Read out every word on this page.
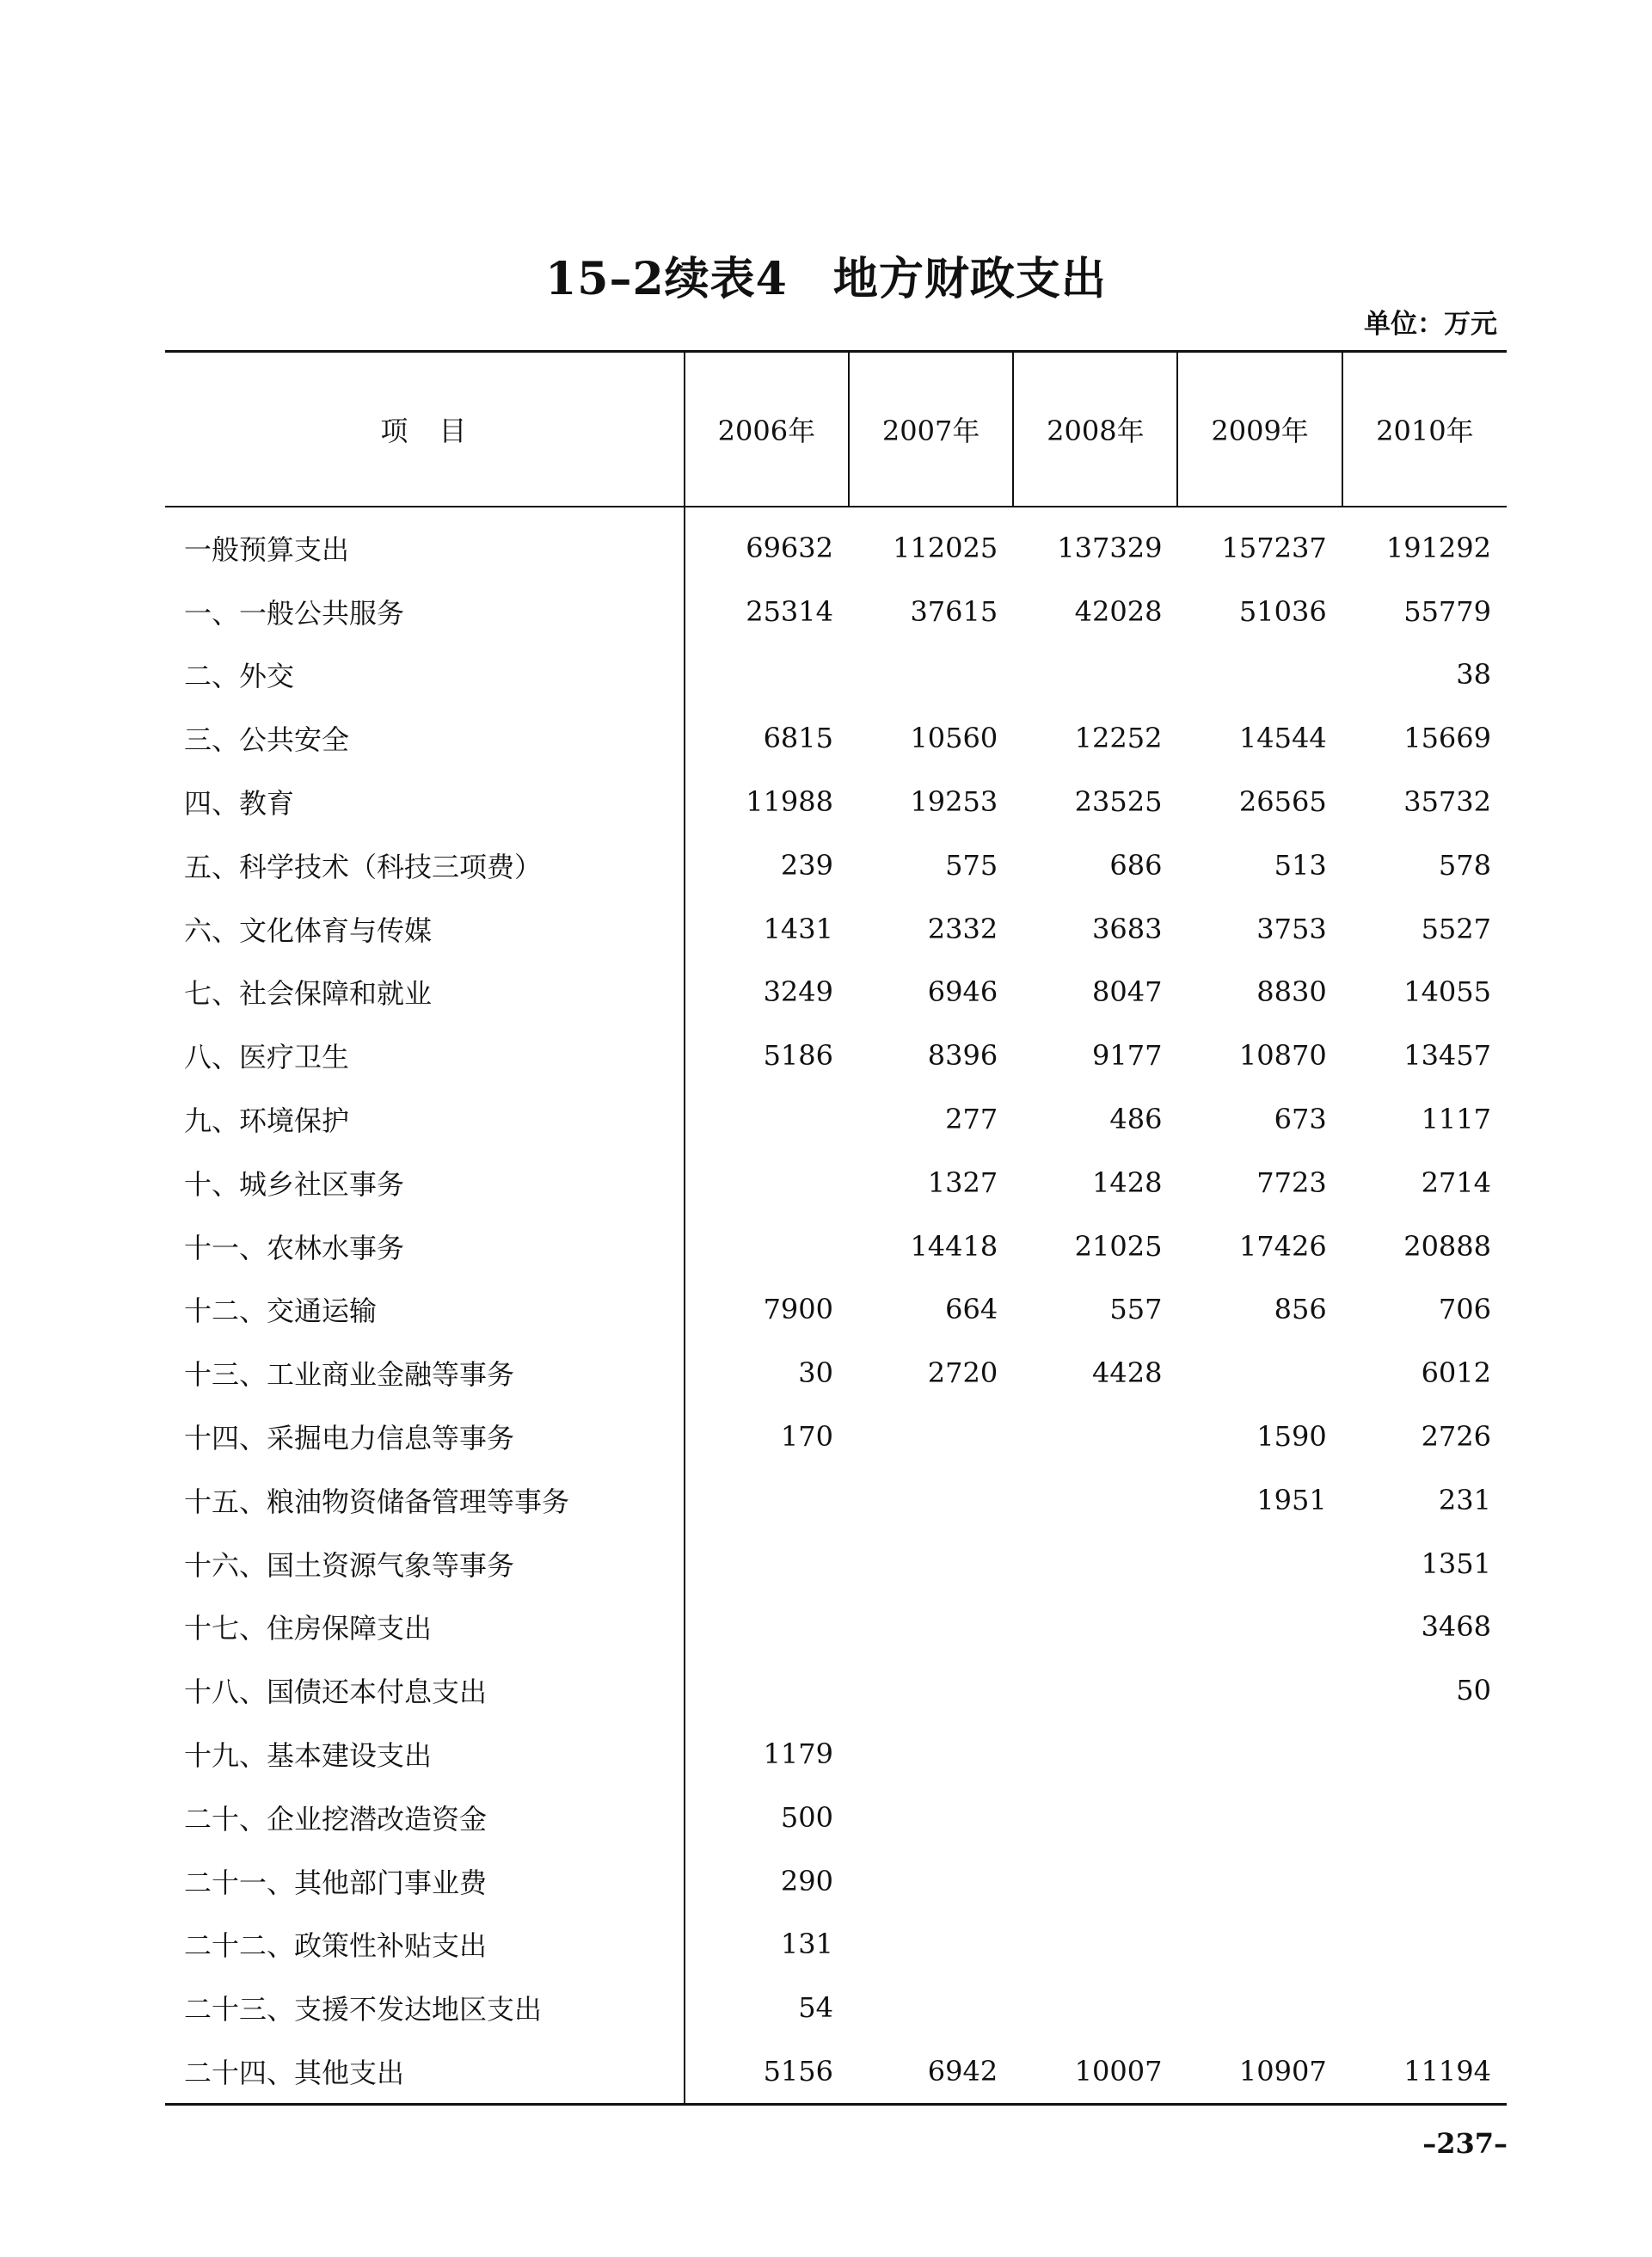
15–2续表4　地方财政支出
单位：万元
项　目	2006年	2007年	2008年	2009年	2010年
一般预算支出	69632	112025	137329	157237	191292
一、一般公共服务	25314	37615	42028	51036	55779
二、外交					38
三、公共安全	6815	10560	12252	14544	15669
四、教育	11988	19253	23525	26565	35732
五、科学技术（科技三项费）	239	575	686	513	578
六、文化体育与传媒	1431	2332	3683	3753	5527
七、社会保障和就业	3249	6946	8047	8830	14055
八、医疗卫生	5186	8396	9177	10870	13457
九、环境保护		277	486	673	1117
十、城乡社区事务		1327	1428	7723	2714
十一、农林水事务		14418	21025	17426	20888
十二、交通运输	7900	664	557	856	706
十三、工业商业金融等事务	30	2720	4428		6012
十四、采掘电力信息等事务	170			1590	2726
十五、粮油物资储备管理等事务				1951	231
十六、国土资源气象等事务					1351
十七、住房保障支出					3468
十八、国债还本付息支出					50
十九、基本建设支出	1179				
二十、企业挖潜改造资金	500				
二十一、其他部门事业费	290				
二十二、政策性补贴支出	131				
二十三、支援不发达地区支出	54				
二十四、其他支出	5156	6942	10007	10907	11194
–237–
